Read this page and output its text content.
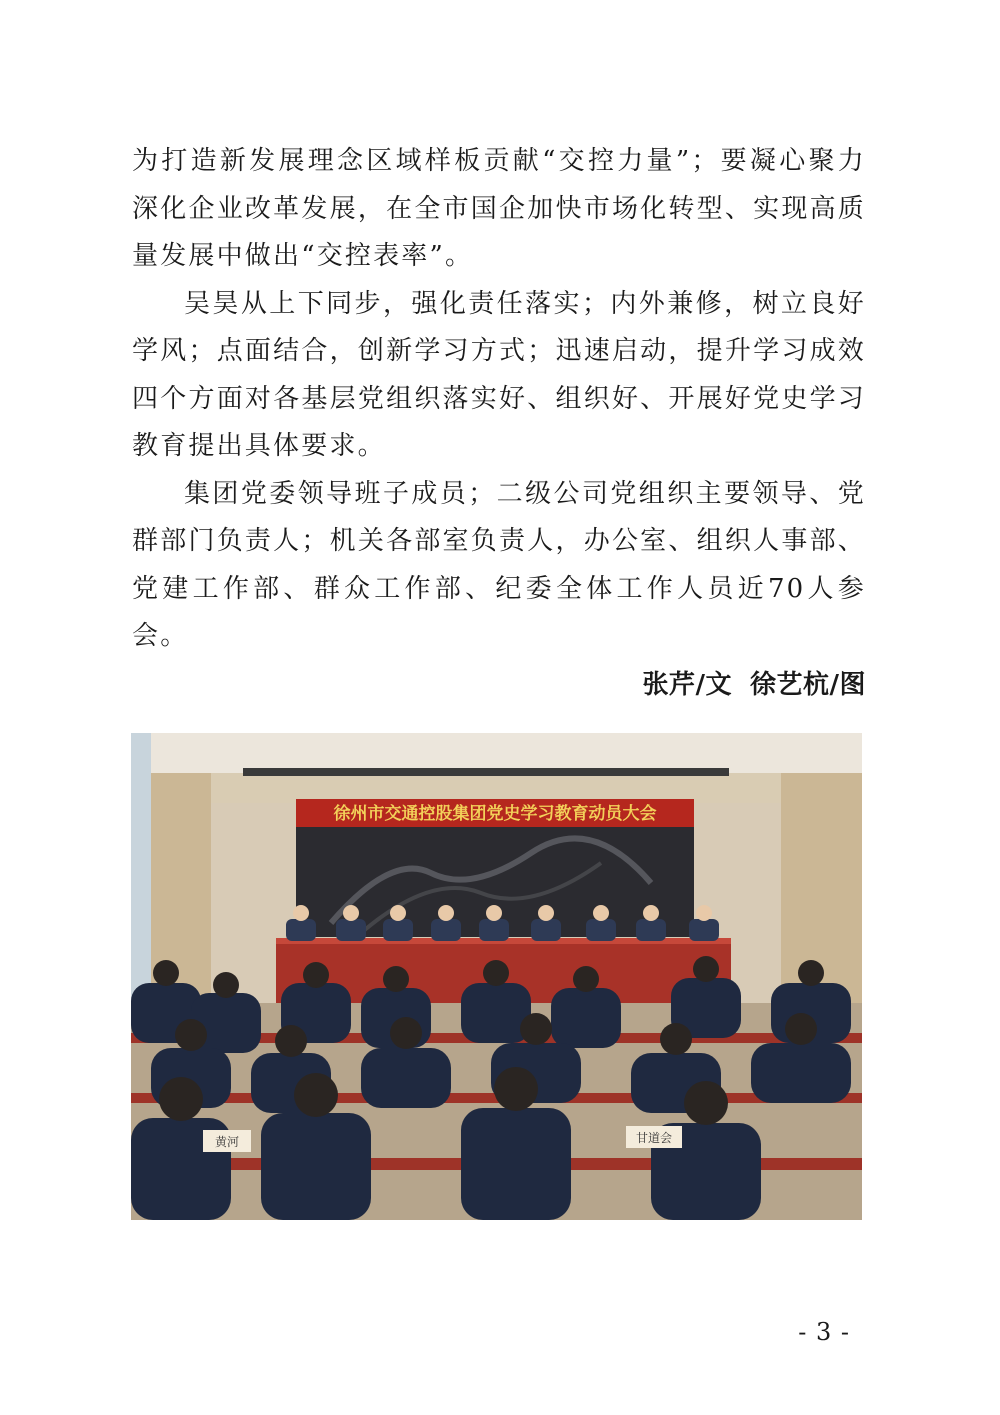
为打造新发展理念区域样板贡献“交控力量”；要凝心聚力深化企业改革发展，在全市国企加快市场化转型、实现高质量发展中做出“交控表率”。

吴昊从上下同步，强化责任落实；内外兼修，树立良好学风；点面结合，创新学习方式；迅速启动，提升学习成效四个方面对各基层党组织落实好、组织好、开展好党史学习教育提出具体要求。

集团党委领导班子成员；二级公司党组织主要领导、党群部门负责人；机关各部室负责人，办公室、组织人事部、党建工作部、群众工作部、纪委全体工作人员近70人参会。

张芹/文 徐艺杭/图
徐州市交通控股集团党史学习教育动员大会
黄河	甘道会
- 3 -
